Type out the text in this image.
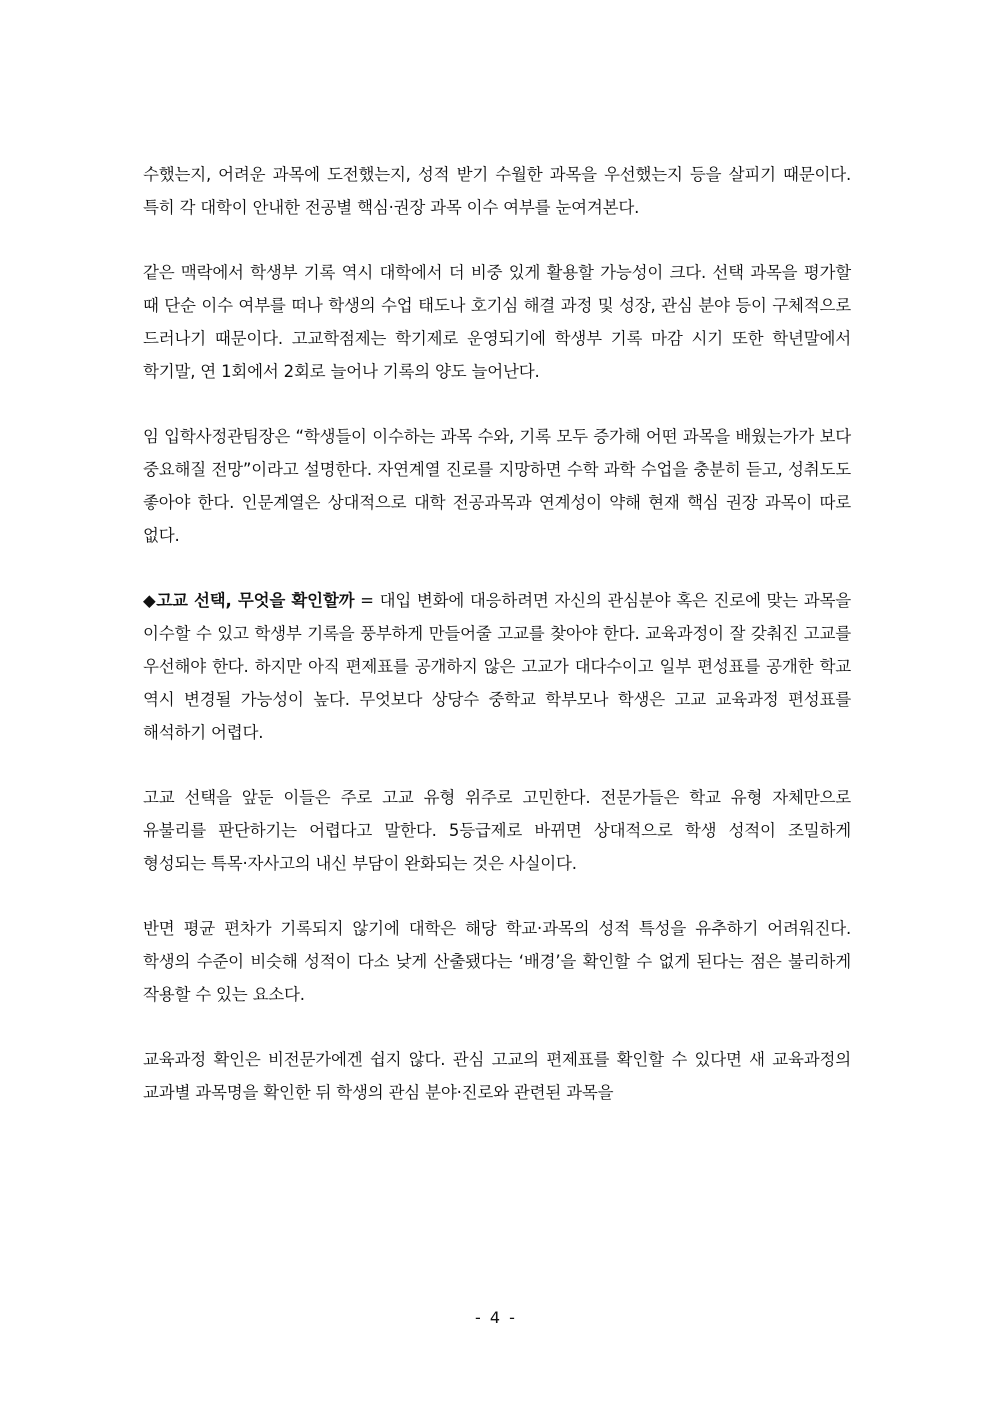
수했는지, 어려운 과목에 도전했는지, 성적 받기 수월한 과목을 우선했는지 등을 살피기 때문이다. 특히 각 대학이 안내한 전공별 핵심·권장 과목 이수 여부를 눈여겨본다.

같은 맥락에서 학생부 기록 역시 대학에서 더 비중 있게 활용할 가능성이 크다. 선택 과목을 평가할 때 단순 이수 여부를 떠나 학생의 수업 태도나 호기심 해결 과정 및 성장, 관심 분야 등이 구체적으로 드러나기 때문이다. 고교학점제는 학기제로 운영되기에 학생부 기록 마감 시기 또한 학년말에서 학기말, 연 1회에서 2회로 늘어나 기록의 양도 늘어난다.

임 입학사정관팀장은 “학생들이 이수하는 과목 수와, 기록 모두 증가해 어떤 과목을 배웠는가가 보다 중요해질 전망”이라고 설명한다. 자연계열 진로를 지망하면 수학 과학 수업을 충분히 듣고, 성취도도 좋아야 한다. 인문계열은 상대적으로 대학 전공과목과 연계성이 약해 현재 핵심 권장 과목이 따로 없다.

◆고교 선택, 무엇을 확인할까 = 대입 변화에 대응하려면 자신의 관심분야 혹은 진로에 맞는 과목을 이수할 수 있고 학생부 기록을 풍부하게 만들어줄 고교를 찾아야 한다. 교육과정이 잘 갖춰진 고교를 우선해야 한다. 하지만 아직 편제표를 공개하지 않은 고교가 대다수이고 일부 편성표를 공개한 학교 역시 변경될 가능성이 높다. 무엇보다 상당수 중학교 학부모나 학생은 고교 교육과정 편성표를 해석하기 어렵다.

고교 선택을 앞둔 이들은 주로 고교 유형 위주로 고민한다. 전문가들은 학교 유형 자체만으로 유불리를 판단하기는 어렵다고 말한다. 5등급제로 바뀌면 상대적으로 학생 성적이 조밀하게 형성되는 특목·자사고의 내신 부담이 완화되는 것은 사실이다.

반면 평균 편차가 기록되지 않기에 대학은 해당 학교·과목의 성적 특성을 유추하기 어려워진다. 학생의 수준이 비슷해 성적이 다소 낮게 산출됐다는 ‘배경’을 확인할 수 없게 된다는 점은 불리하게 작용할 수 있는 요소다.

교육과정 확인은 비전문가에겐 쉽지 않다. 관심 고교의 편제표를 확인할 수 있다면 새 교육과정의 교과별 과목명을 확인한 뒤 학생의 관심 분야·진로와 관련된 과목을

- 4 -
